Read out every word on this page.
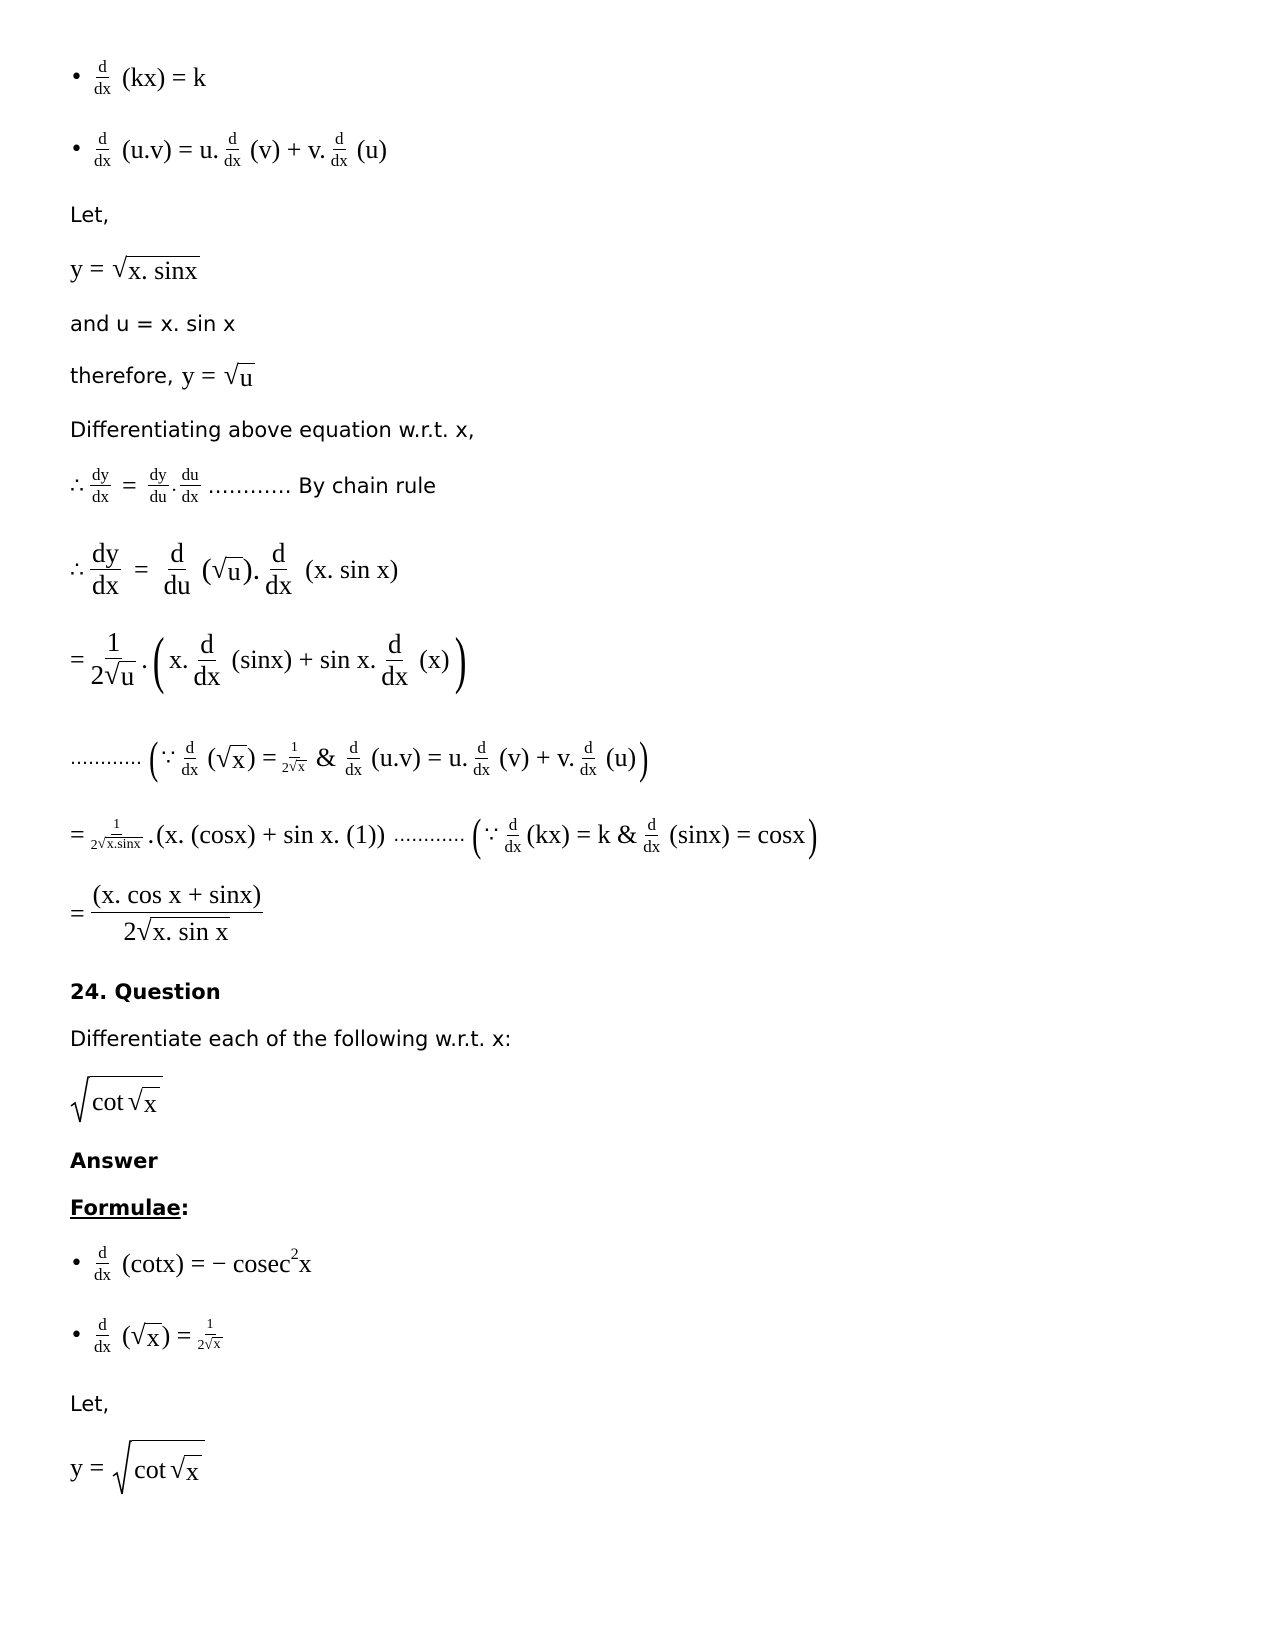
• $\frac{d}{dx} (kx) = k$
• $\frac{d}{dx} (u.v) = u$. $\frac{d}{dx} (v) + v$. $\frac{d}{dx} (u)$
Let,
y = √ x. sinx
and u = x. sin x
therefore, y = √ u
Differentiating above equation w.r.t. x,
∴ $\frac{dy}{dx} = \frac{dy}{du}$ . $\frac{du}{dx}$ ………… By chain rule
∴ $\frac{dy}{dx} = \frac{d}{du}$ ( √ u ). $\frac{d}{dx} (x$. sin x)
= $\frac{1}{2 √ u}$ . ( x. $\frac{d}{dx} (\sin x) + \sin x$. $\frac{d}{dx} (x)$ )
………… ( ∵ $\frac{d}{dx}$ ( √ x ) = $\frac{1}{2 √ x}$ & $\frac{d}{dx} (u.v) = u$. $\frac{d}{dx} (v) + v$. $\frac{d}{dx} (u)$ )
= $\frac{1}{2 √ x.\sin x}$ . (x. (cosx) + sin x. (1)) ………… ( ∵ $\frac{d}{dx} (kx) = k$ & $\frac{d}{dx} (\sin x) = \cos x$ )
= $\frac{\text{(x. cos x + sinx)}}{\text{2 √ x. sin x}}$
24. Question
Differentiate each of the following w.r.t. x:
cot √ x
Answer
Formulae :
• $\frac{d}{dx} (\cot x)$ = − cosec$^2$ x
• $\frac{d}{dx}$ ( √ x ) = $\frac{1}{2 √ x}$
Let,
y = cot √ x
